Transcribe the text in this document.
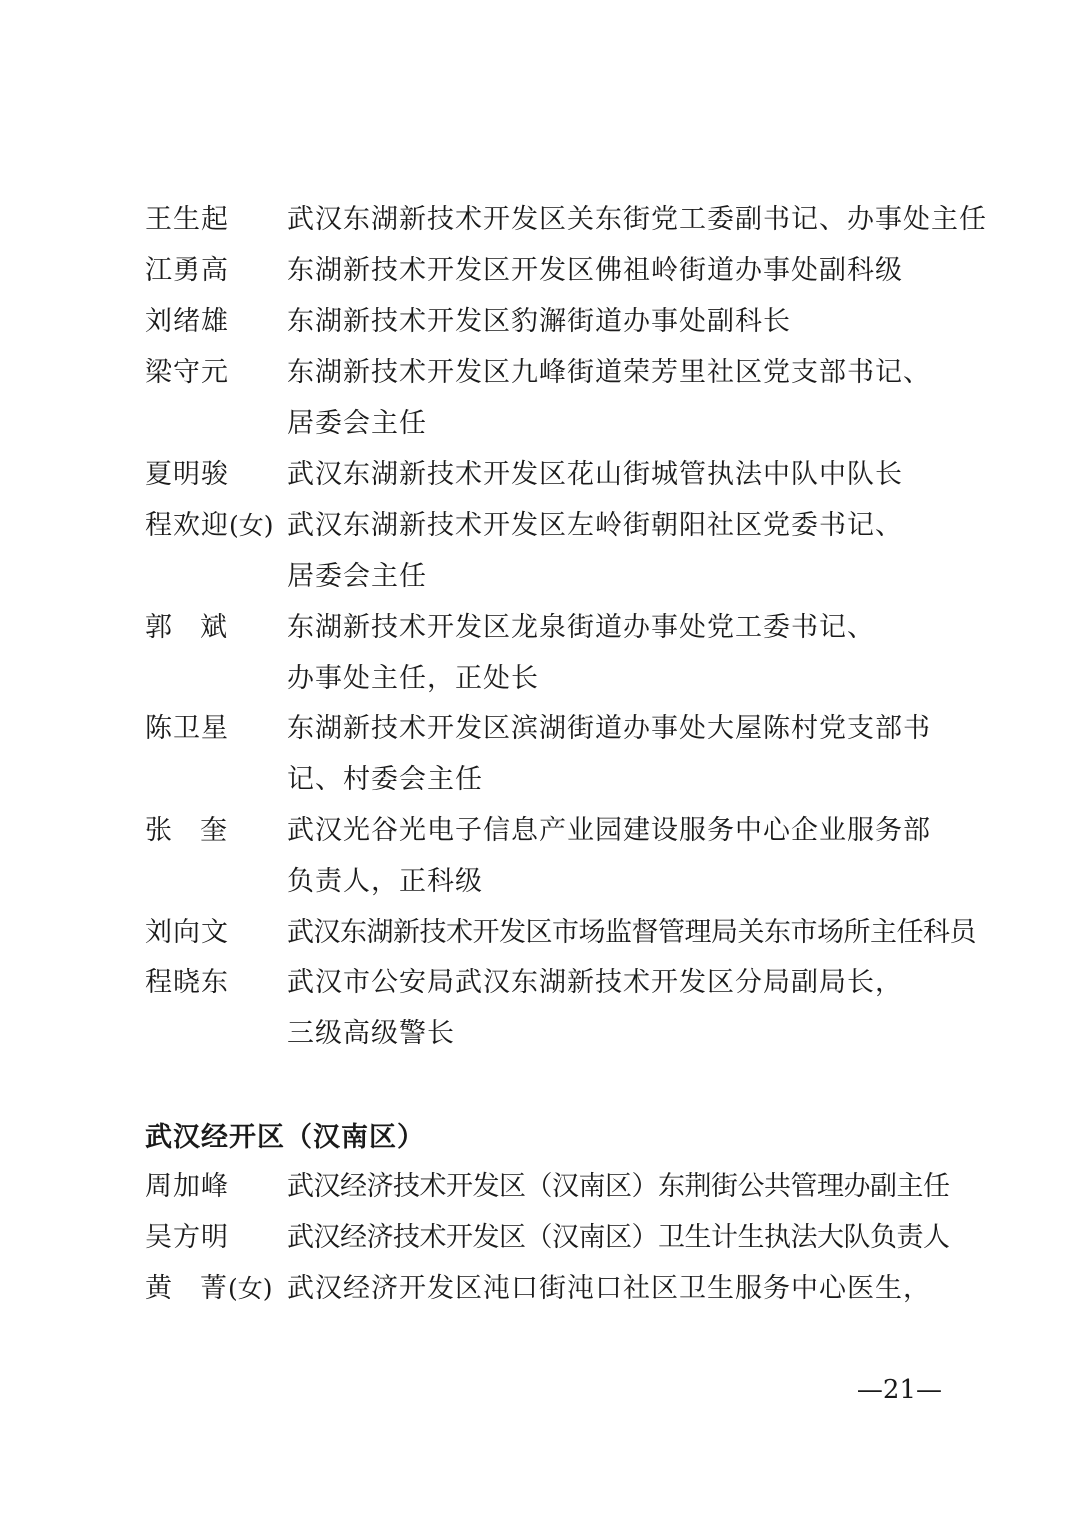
王生起	武汉东湖新技术开发区关东街党工委副书记、办事处主任
江勇高	东湖新技术开发区开发区佛祖岭街道办事处副科级
刘绪雄	东湖新技术开发区豹澥街道办事处副科长
梁守元	东湖新技术开发区九峰街道荣芳里社区党支部书记、
居委会主任
夏明骏	武汉东湖新技术开发区花山街城管执法中队中队长
程欢迎(女) 武汉东湖新技术开发区左岭街朝阳社区党委书记、
居委会主任
郭 斌	东湖新技术开发区龙泉街道办事处党工委书记、
办事处主任，正处长
陈卫星	东湖新技术开发区滨湖街道办事处大屋陈村党支部书
记、村委会主任
张 奎	武汉光谷光电子信息产业园建设服务中心企业服务部
负责人，正科级
刘向文	武汉东湖新技术开发区市场监督管理局关东市场所主任科员
程晓东	武汉市公安局武汉东湖新技术开发区分局副局长，
三级高级警长
武汉经开区（汉南区）
周加峰	武汉经济技术开发区（汉南区）东荆街公共管理办副主任
吴方明	武汉经济技术开发区（汉南区）卫生计生执法大队负责人
黄 菁(女) 武汉经济开发区沌口街沌口社区卫生服务中心医生，
—21—
